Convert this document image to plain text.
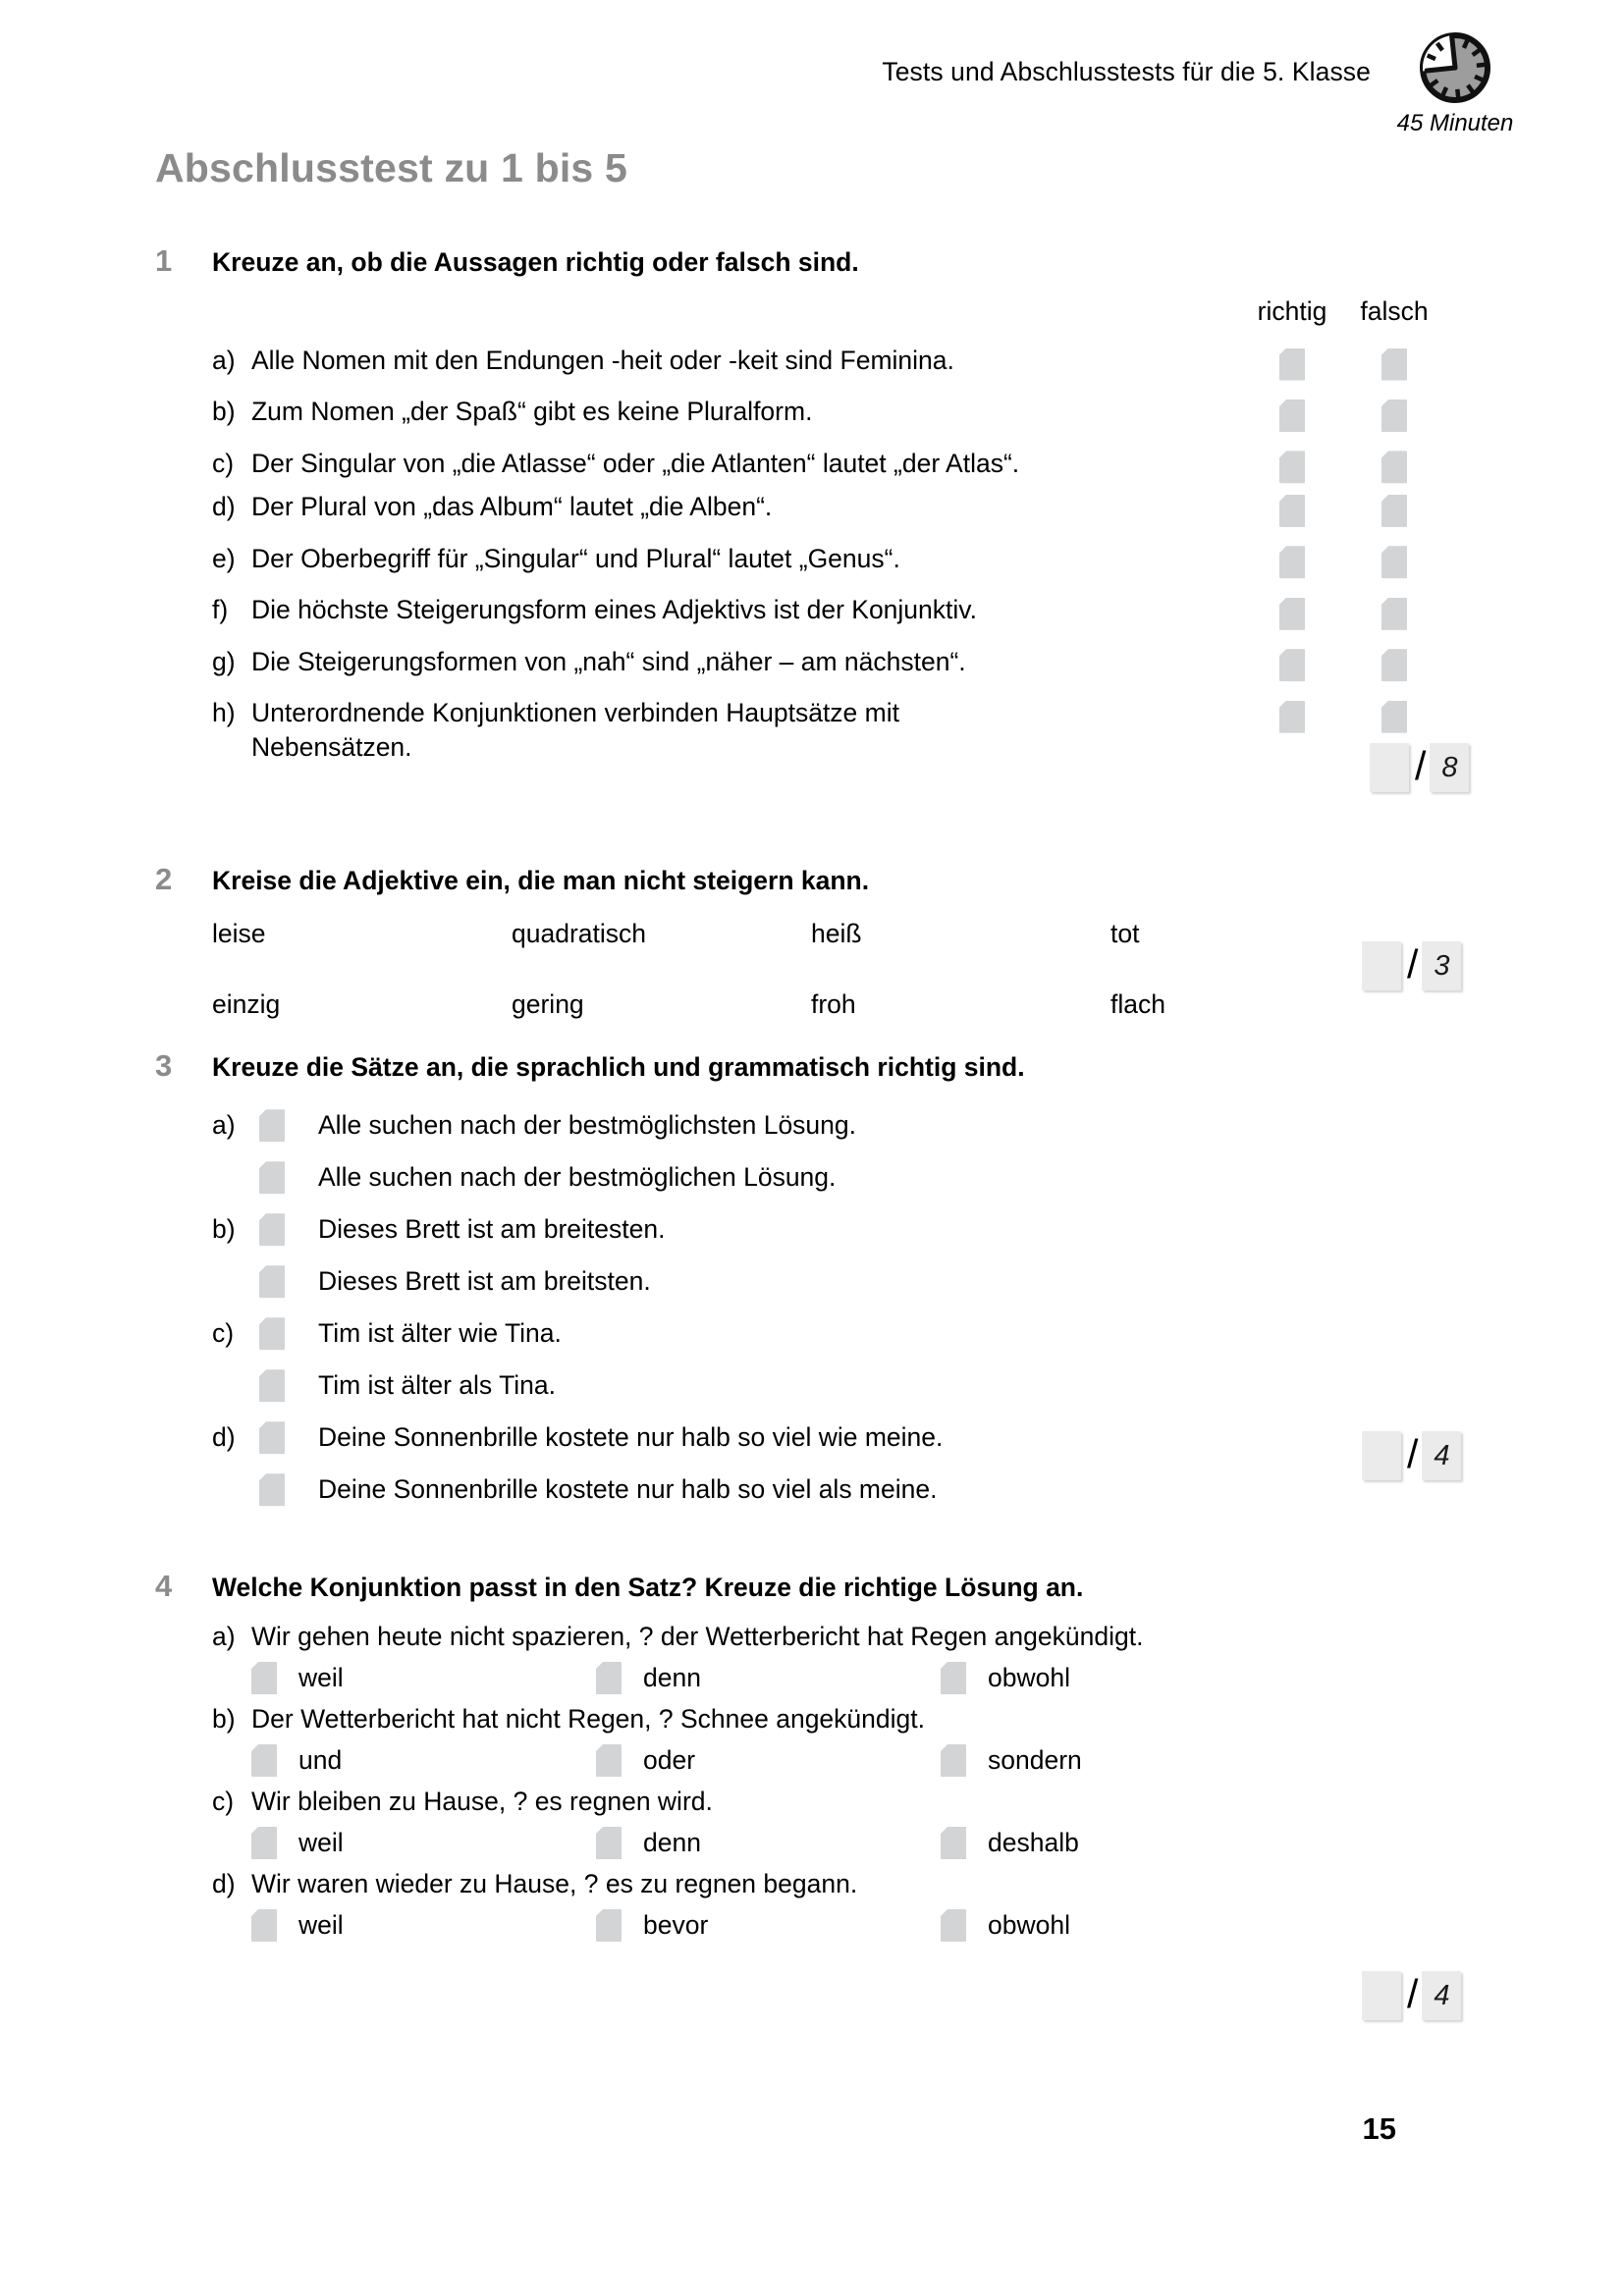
Tests und Abschlusstests für die 5. Klasse
45 Minuten
Abschlusstest zu 1 bis 5
1	Kreuze an, ob die Aussagen richtig oder falsch sind.
richtig falsch
a) Alle Nomen mit den Endungen -heit oder -keit sind Feminina.
b) Zum Nomen „der Spaß“ gibt es keine Pluralform.
c) Der Singular von „die Atlasse“ oder „die Atlanten“ lautet „der Atlas“.
d) Der Plural von „das Album“ lautet „die Alben“.
e) Der Oberbegriff für „Singular“ und Plural“ lautet „Genus“.
f) Die höchste Steigerungsform eines Adjektivs ist der Konjunktiv.
g) Die Steigerungsformen von „nah“ sind „näher – am nächsten“.
h) Unterordnende Konjunktionen verbinden Hauptsätze mit Nebensätzen.	/ 8
2	Kreise die Adjektive ein, die man nicht steigern kann.
leise	quadratisch	heiß	tot
einzig	gering	froh	flach
/ 3
3	Kreuze die Sätze an, die sprachlich und grammatisch richtig sind.
a)	Alle suchen nach der bestmöglichsten Lösung.
Alle suchen nach der bestmöglichen Lösung.
b)	Dieses Brett ist am breitesten.
Dieses Brett ist am breitsten.
c)	Tim ist älter wie Tina.
Tim ist älter als Tina.
d)	Deine Sonnenbrille kostete nur halb so viel wie meine.
Deine Sonnenbrille kostete nur halb so viel als meine.
/ 4
4	Welche Konjunktion passt in den Satz? Kreuze die richtige Lösung an.
a) Wir gehen heute nicht spazieren, ? der Wetterbericht hat Regen angekündigt.
weil	denn	obwohl
b) Der Wetterbericht hat nicht Regen, ? Schnee angekündigt.
und	oder	sondern
c) Wir bleiben zu Hause, ? es regnen wird.
weil	denn	deshalb
d) Wir waren wieder zu Hause, ? es zu regnen begann.
weil	bevor	obwohl
/ 4
15
